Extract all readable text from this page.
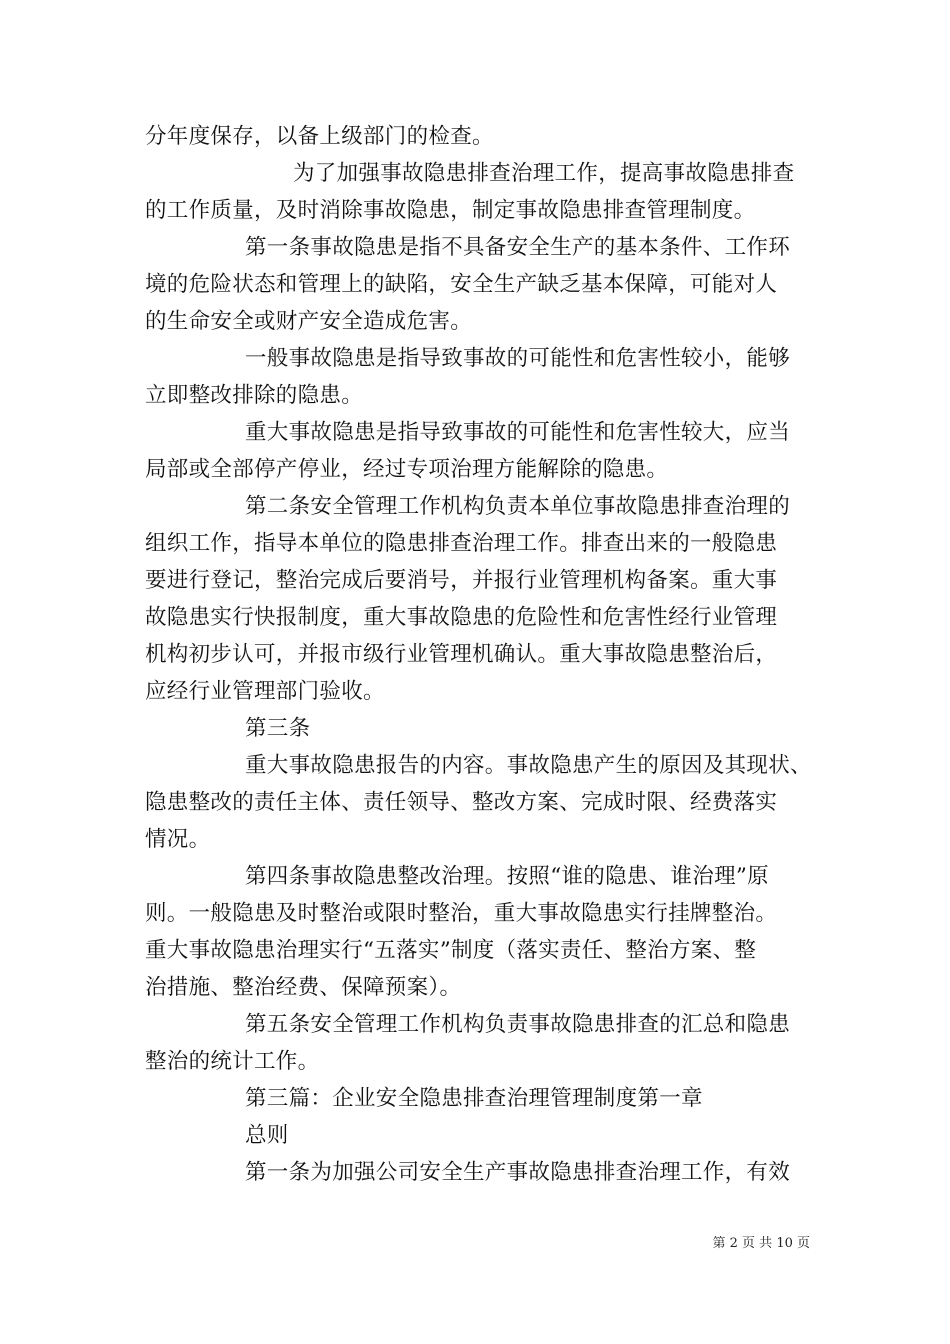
分年度保存，以备上级部门的检查。
为了加强事故隐患排查治理工作，提高事故隐患排查
的工作质量，及时消除事故隐患，制定事故隐患排查管理制度。
第一条事故隐患是指不具备安全生产的基本条件、工作环
境的危险状态和管理上的缺陷，安全生产缺乏基本保障，可能对人
的生命安全或财产安全造成危害。
一般事故隐患是指导致事故的可能性和危害性较小，能够
立即整改排除的隐患。
重大事故隐患是指导致事故的可能性和危害性较大，应当
局部或全部停产停业，经过专项治理方能解除的隐患。
第二条安全管理工作机构负责本单位事故隐患排查治理的
组织工作，指导本单位的隐患排查治理工作。排查出来的一般隐患
要进行登记，整治完成后要消号，并报行业管理机构备案。重大事
故隐患实行快报制度，重大事故隐患的危险性和危害性经行业管理
机构初步认可，并报市级行业管理机确认。重大事故隐患整治后，
应经行业管理部门验收。
第三条
重大事故隐患报告的内容。事故隐患产生的原因及其现状、
隐患整改的责任主体、责任领导、整改方案、完成时限、经费落实
情况。
第四条事故隐患整改治理。按照“谁的隐患、谁治理”原
则。一般隐患及时整治或限时整治，重大事故隐患实行挂牌整治。
重大事故隐患治理实行“五落实”制度（落实责任、整治方案、整
治措施、整治经费、保障预案）。
第五条安全管理工作机构负责事故隐患排查的汇总和隐患
整治的统计工作。
第三篇：企业安全隐患排查治理管理制度第一章
总则
第一条为加强公司安全生产事故隐患排查治理工作，有效
第 2 页 共 10 页
